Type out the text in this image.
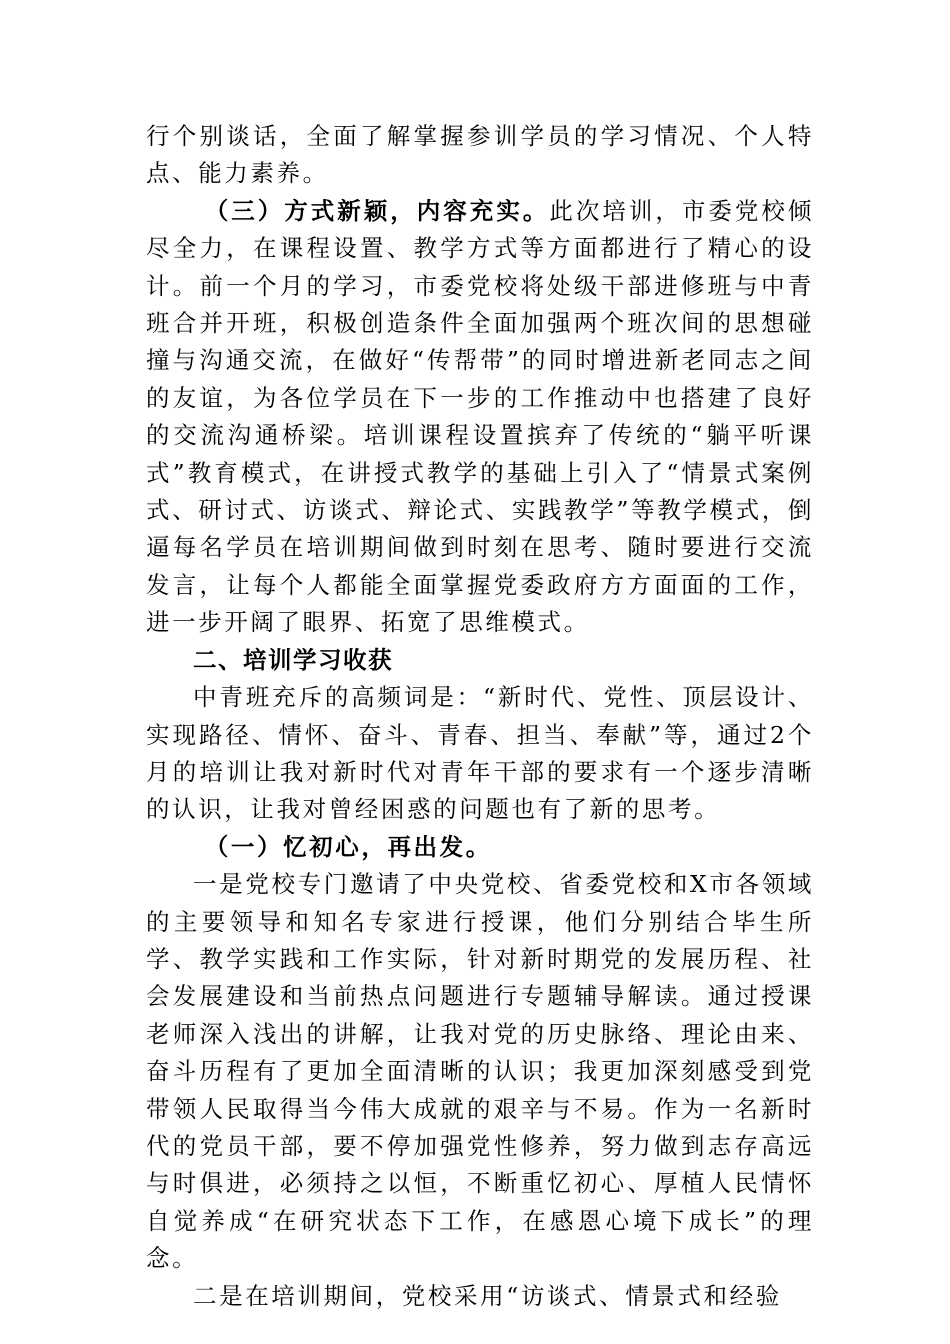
行个别谈话，全面了解掌握参训学员的学习情况、个人特点、能力素养。

（三）方式新颖，内容充实。此次培训，市委党校倾尽全力，在课程设置、教学方式等方面都进行了精心的设计。前一个月的学习，市委党校将处级干部进修班与中青班合并开班，积极创造条件全面加强两个班次间的思想碰撞与沟通交流，在做好“传帮带”的同时增进新老同志之间的友谊，为各位学员在下一步的工作推动中也搭建了良好的交流沟通桥梁。培训课程设置摈弃了传统的“躺平听课式”教育模式，在讲授式教学的基础上引入了“情景式案例式、研讨式、访谈式、辩论式、实践教学”等教学模式，倒逼每名学员在培训期间做到时刻在思考、随时要进行交流发言，让每个人都能全面掌握党委政府方方面面的工作，进一步开阔了眼界、拓宽了思维模式。

二、培训学习收获

中青班充斥的高频词是：“新时代、党性、顶层设计、实现路径、情怀、奋斗、青春、担当、奉献”等，通过2个月的培训让我对新时代对青年干部的要求有一个逐步清晰的认识，让我对曾经困惑的问题也有了新的思考。

（一）忆初心，再出发。

一是党校专门邀请了中央党校、省委党校和X市各领域的主要领导和知名专家进行授课，他们分别结合毕生所学、教学实践和工作实际，针对新时期党的发展历程、社会发展建设和当前热点问题进行专题辅导解读。通过授课老师深入浅出的讲解，让我对党的历史脉络、理论由来、奋斗历程有了更加全面清晰的认识；我更加深刻感受到党带领人民取得当今伟大成就的艰辛与不易。作为一名新时代的党员干部，要不停加强党性修养，努力做到志存高远与时俱进，必须持之以恒，不断重忆初心、厚植人民情怀自觉养成“在研究状态下工作，在感恩心境下成长”的理念。

二是在培训期间，党校采用“访谈式、情景式和经验
